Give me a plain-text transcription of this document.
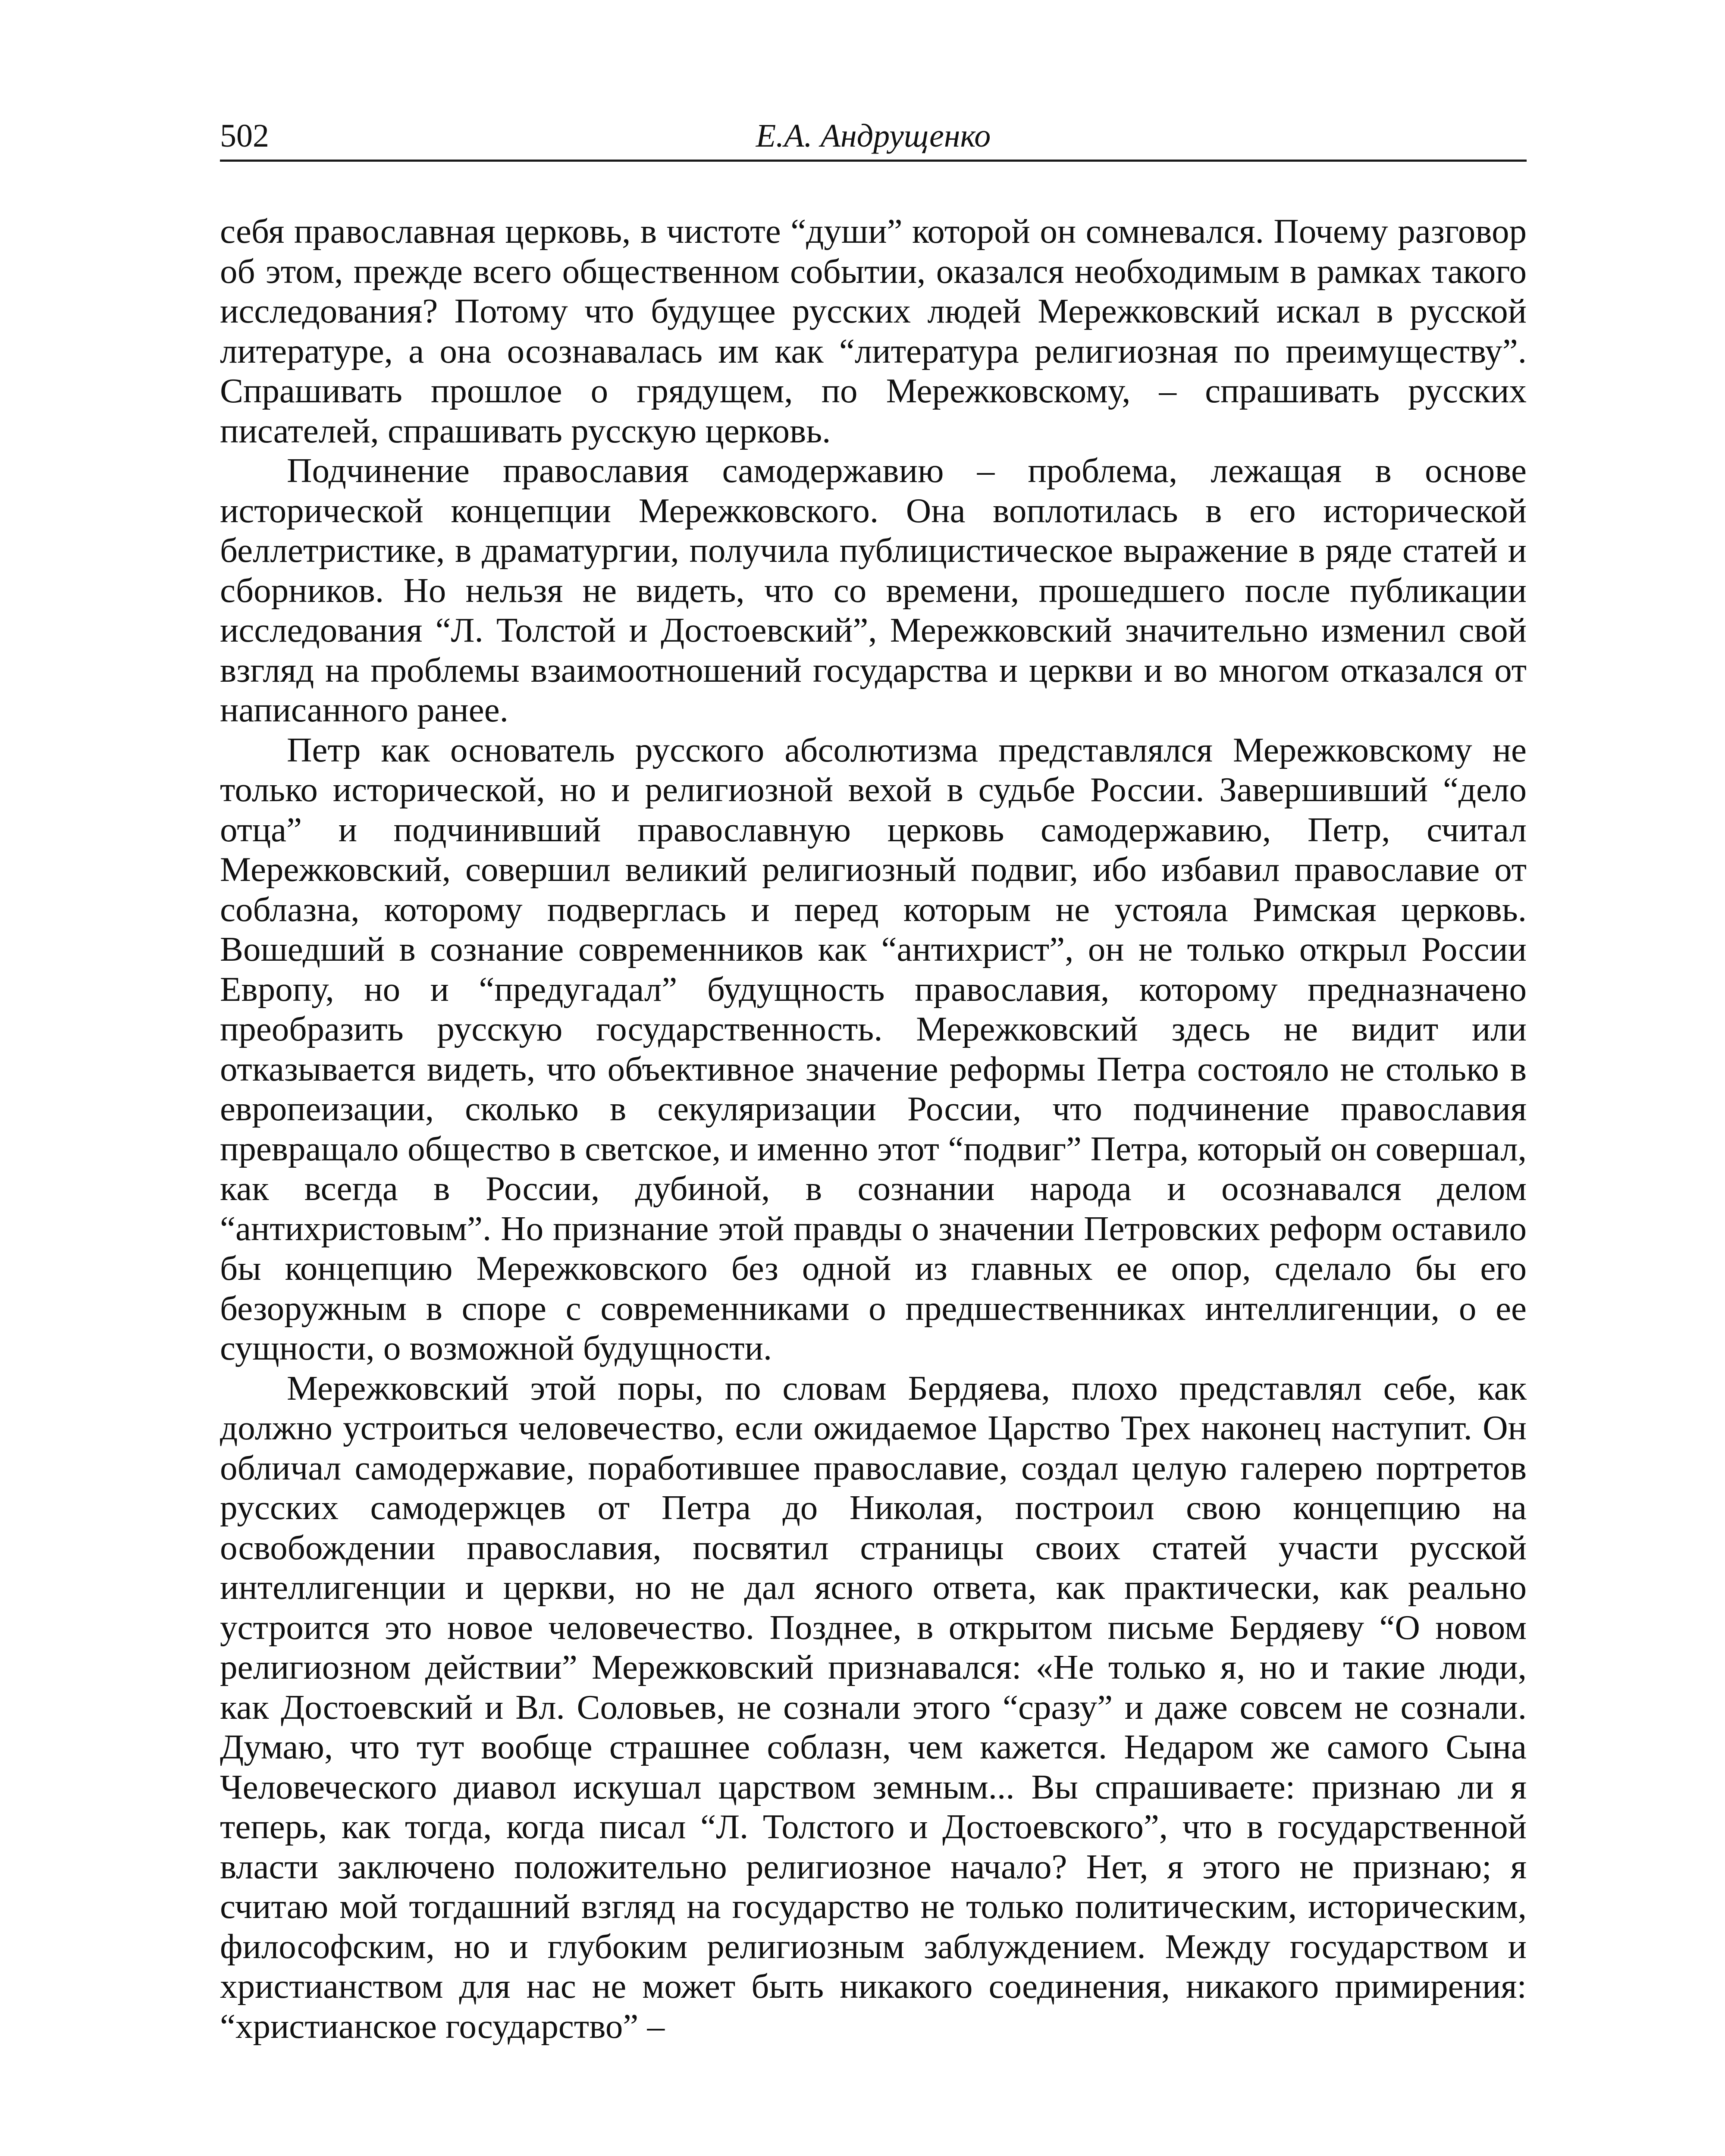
502	Е.А. Андрущенко

себя православная церковь, в чистоте “души” которой он сомневался. Почему разговор об этом, прежде всего общественном событии, оказался необходимым в рамках такого исследования? Потому что будущее русских людей Мережковский искал в русской литературе, а она осознавалась им как “литература религиозная по преимуществу”. Спрашивать прошлое о грядущем, по Мережковскому, – спрашивать русских писателей, спрашивать русскую церковь.

Подчинение православия самодержавию – проблема, лежащая в основе исторической концепции Мережковского. Она воплотилась в его исторической беллетристике, в драматургии, получила публицистическое выражение в ряде статей и сборников. Но нельзя не видеть, что со времени, прошедшего после публикации исследования “Л. Толстой и Достоевский”, Мережковский значительно изменил свой взгляд на проблемы взаимоотношений государства и церкви и во многом отказался от написанного ранее.

Петр как основатель русского абсолютизма представлялся Мережковскому не только исторической, но и религиозной вехой в судьбе России. Завершивший “дело отца” и подчинивший православную церковь самодержавию, Петр, считал Мережковский, совершил великий религиозный подвиг, ибо избавил православие от соблазна, которому подверглась и перед которым не устояла Римская церковь. Вошедший в сознание современников как “антихрист”, он не только открыл России Европу, но и “предугадал” будущность православия, которому предназначено преобразить русскую государственность. Мережковский здесь не видит или отказывается видеть, что объективное значение реформы Петра состояло не столько в европеизации, сколько в секуляризации России, что подчинение православия превращало общество в светское, и именно этот “подвиг” Петра, который он совершал, как всегда в России, дубиной, в сознании народа и осознавался делом “антихристовым”. Но признание этой правды о значении Петровских реформ оставило бы концепцию Мережковского без одной из главных ее опор, сделало бы его безоружным в споре с современниками о предшественниках интеллигенции, о ее сущности, о возможной будущности.

Мережковский этой поры, по словам Бердяева, плохо представлял себе, как должно устроиться человечество, если ожидаемое Царство Трех наконец наступит. Он обличал самодержавие, поработившее православие, создал целую галерею портретов русских самодержцев от Петра до Николая, построил свою концепцию на освобождении православия, посвятил страницы своих статей участи русской интеллигенции и церкви, но не дал ясного ответа, как практически, как реально устроится это новое человечество. Позднее, в открытом письме Бердяеву “О новом религиозном действии” Мережковский признавался: «Не только я, но и такие люди, как Достоевский и Вл. Соловьев, не сознали этого “сразу” и даже совсем не сознали. Думаю, что тут вообще страшнее соблазн, чем кажется. Недаром же самого Сына Человеческого диавол искушал царством земным... Вы спрашиваете: признаю ли я теперь, как тогда, когда писал “Л. Толстого и Достоевского”, что в государственной власти заключено положительно религиозное начало? Нет, я этого не признаю; я считаю мой тогдашний взгляд на государство не только политическим, историческим, философским, но и глубоким религиозным заблуждением. Между государством и христианством для нас не может быть никакого соединения, никакого примирения: “христианское государство” –
